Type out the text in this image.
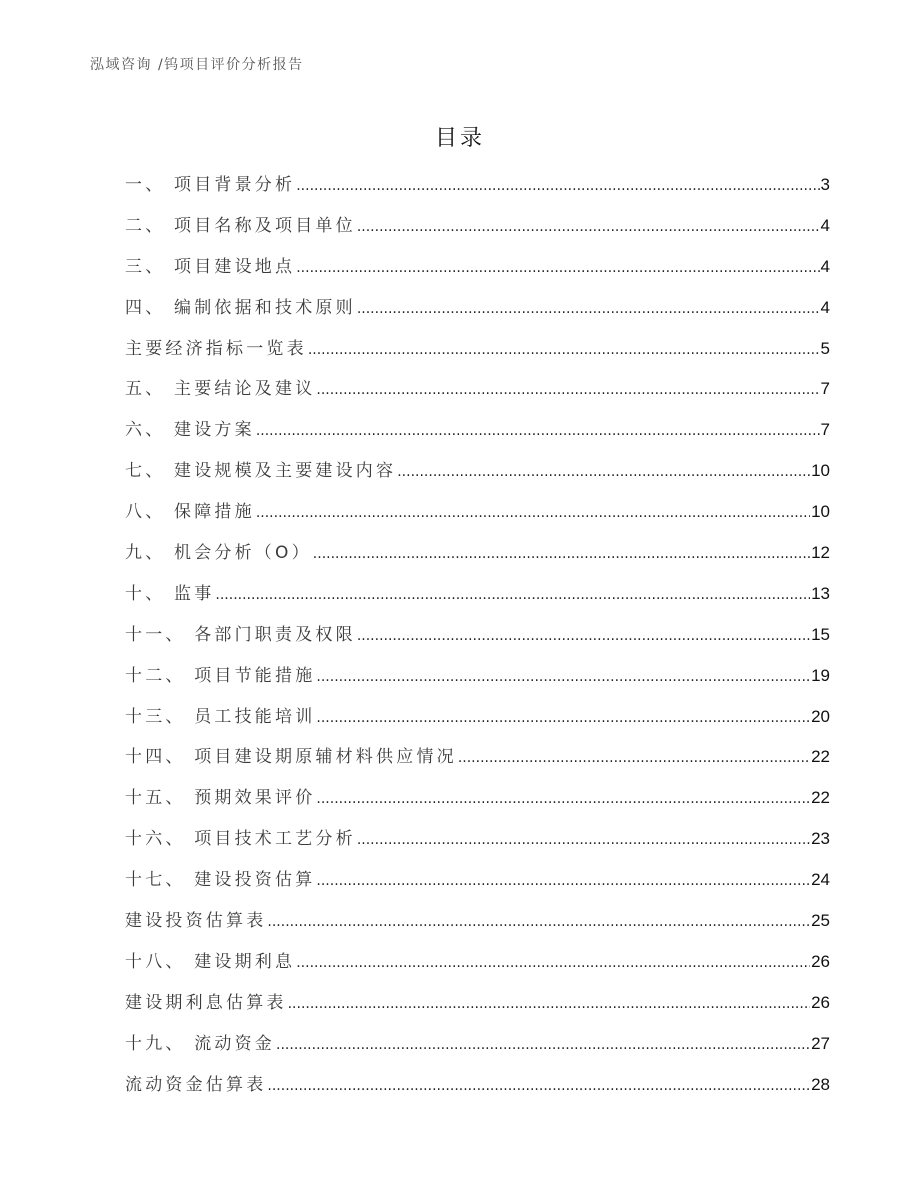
泓域咨询 /钨项目评价分析报告
目录
一、 项目背景分析 .....	3
二、 项目名称及项目单位 .....	4
三、 项目建设地点 .....	4
四、 编制依据和技术原则 .....	4
主要经济指标一览表 .....	5
五、 主要结论及建议 .....	7
六、 建设方案 .....	7
七、 建设规模及主要建设内容 .....	10
八、 保障措施 .....	10
九、 机会分析（O） .....	12
十、 监事 .....	13
十一、 各部门职责及权限 .....	15
十二、 项目节能措施 .....	19
十三、 员工技能培训 .....	20
十四、 项目建设期原辅材料供应情况 .....	22
十五、 预期效果评价 .....	22
十六、 项目技术工艺分析 .....	23
十七、 建设投资估算 .....	24
建设投资估算表 .....	25
十八、 建设期利息 .....	26
建设期利息估算表 .....	26
十九、 流动资金 .....	27
流动资金估算表 .....	28
